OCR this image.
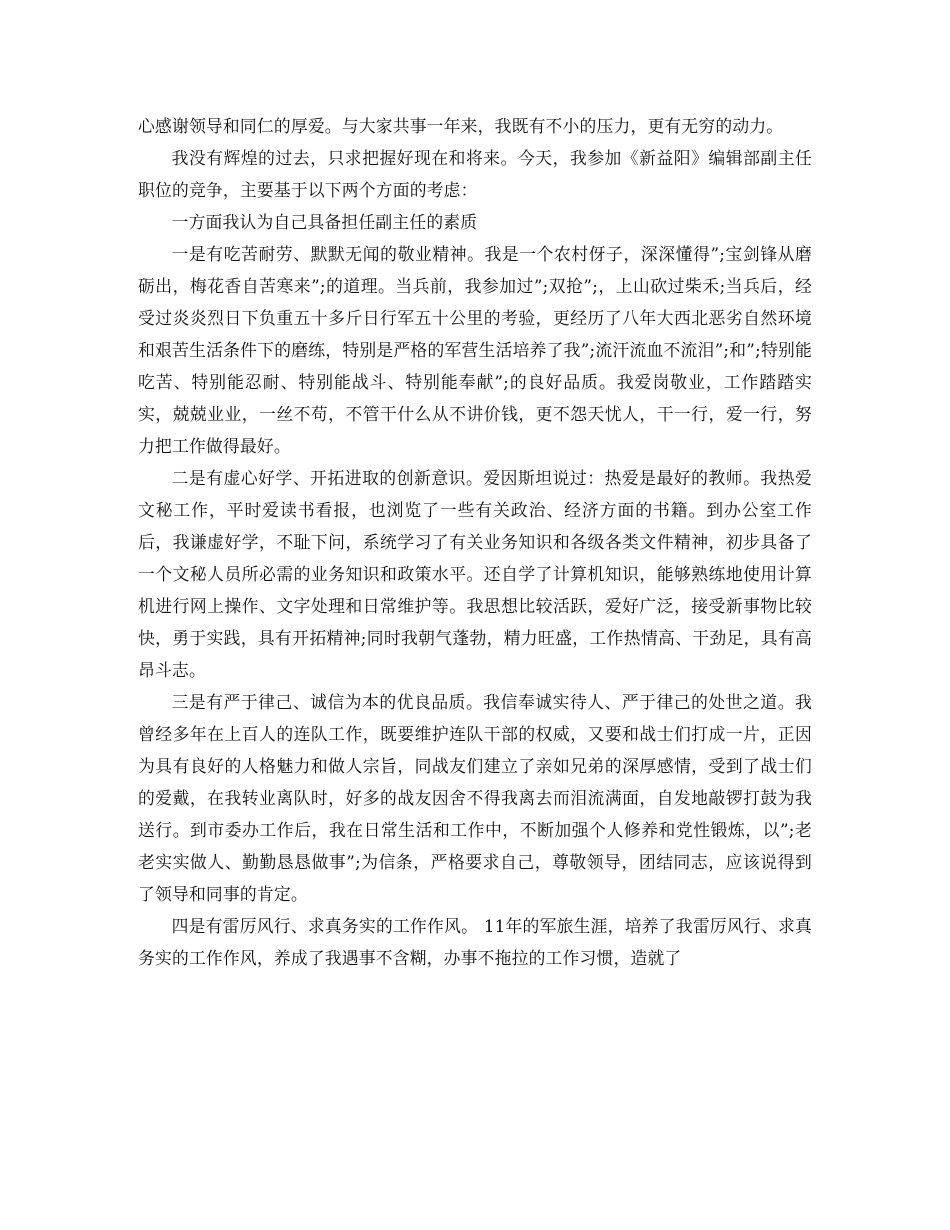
心感谢领导和同仁的厚爱。与大家共事一年来，我既有不小的压力，更有无穷的动力。

我没有辉煌的过去，只求把握好现在和将来。今天，我参加《新益阳》编辑部副主任职位的竞争，主要基于以下两个方面的考虑：

一方面我认为自己具备担任副主任的素质

一是有吃苦耐劳、默默无闻的敬业精神。我是一个农村伢子，深深懂得”;宝剑锋从磨砺出，梅花香自苦寒来”;的道理。当兵前，我参加过”;双抢”;，上山砍过柴禾;当兵后，经受过炎炎烈日下负重五十多斤日行军五十公里的考验，更经历了八年大西北恶劣自然环境和艰苦生活条件下的磨练，特别是严格的军营生活培养了我”;流汗流血不流泪”;和”;特别能吃苦、特别能忍耐、特别能战斗、特别能奉献”;的良好品质。我爱岗敬业，工作踏踏实实，兢兢业业，一丝不苟，不管干什么从不讲价钱，更不怨天忧人，干一行，爱一行，努力把工作做得最好。

二是有虚心好学、开拓进取的创新意识。爱因斯坦说过：热爱是最好的教师。我热爱文秘工作，平时爱读书看报，也浏览了一些有关政治、经济方面的书籍。到办公室工作后，我谦虚好学，不耻下问，系统学习了有关业务知识和各级各类文件精神，初步具备了一个文秘人员所必需的业务知识和政策水平。还自学了计算机知识，能够熟练地使用计算机进行网上操作、文字处理和日常维护等。我思想比较活跃，爱好广泛，接受新事物比较快，勇于实践，具有开拓精神;同时我朝气蓬勃，精力旺盛，工作热情高、干劲足，具有高昂斗志。

三是有严于律己、诚信为本的优良品质。我信奉诚实待人、严于律己的处世之道。我曾经多年在上百人的连队工作，既要维护连队干部的权威，又要和战士们打成一片，正因为具有良好的人格魅力和做人宗旨，同战友们建立了亲如兄弟的深厚感情，受到了战士们的爱戴，在我转业离队时，好多的战友因舍不得我离去而泪流满面，自发地敲锣打鼓为我送行。到市委办工作后，我在日常生活和工作中，不断加强个人修养和党性锻炼，以”;老老实实做人、勤勤恳恳做事”;为信条，严格要求自己，尊敬领导，团结同志，应该说得到了领导和同事的肯定。

四是有雷厉风行、求真务实的工作作风。 11年的军旅生涯，培养了我雷厉风行、求真务实的工作作风，养成了我遇事不含糊，办事不拖拉的工作习惯，造就了
